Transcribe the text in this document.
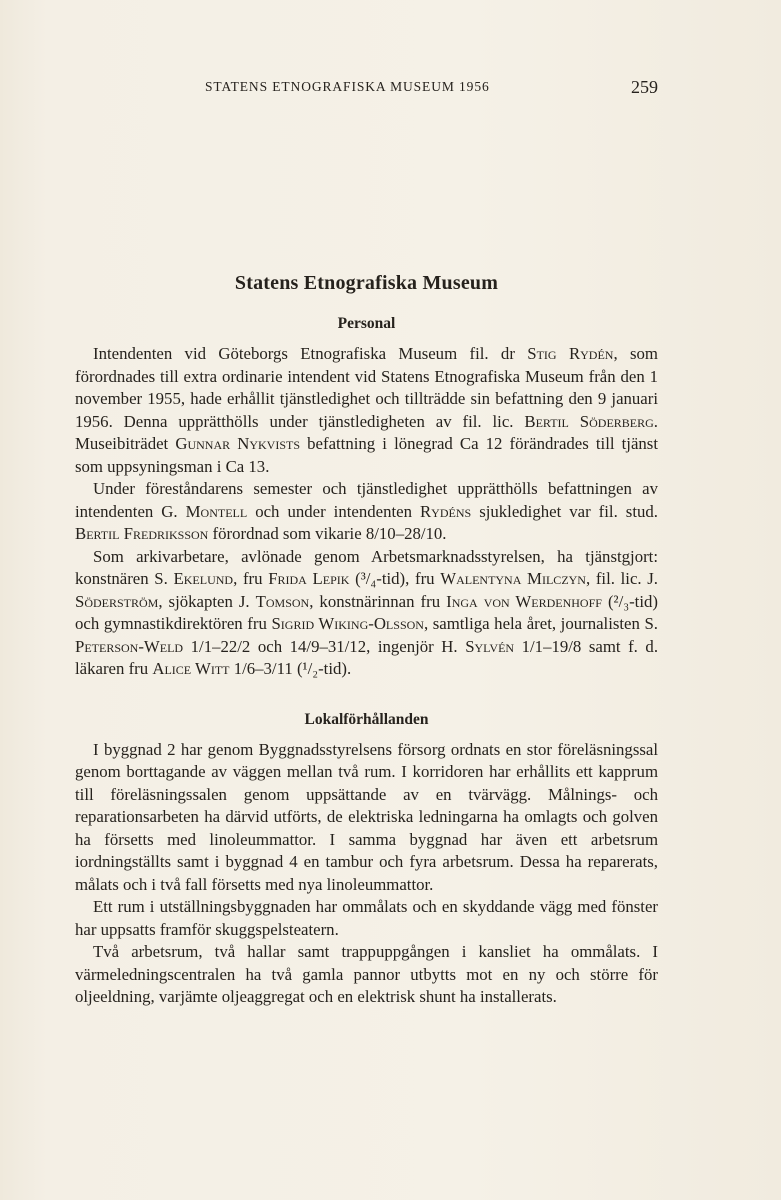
STATENS ETNOGRAFISKA MUSEUM 1956	259
Statens Etnografiska Museum
Personal

Intendenten vid Göteborgs Etnografiska Museum fil. dr Stig Rydén, som förordnades till extra ordinarie intendent vid Statens Etnografiska Museum från den 1 november 1955, hade erhållit tjänstledighet och tillträdde sin befattning den 9 januari 1956. Denna upprätthölls under tjänstledigheten av fil. lic. Bertil Söderberg. Museibiträdet Gunnar Nykvists befattning i lönegrad Ca 12 förändrades till tjänst som uppsyningsman i Ca 13.

Under föreståndarens semester och tjänstledighet upprätthölls befattningen av intendenten G. Montell och under intendenten Rydéns sjukledighet var fil. stud. Bertil Fredriksson förordnad som vikarie 8/10–28/10.

Som arkivarbetare, avlönade genom Arbetsmarknadsstyrelsen, ha tjänstgjort: konstnären S. Ekelund, fru Frida Lepik (³/₄-tid), fru Walentyna Milczyn, fil. lic. J. Söderström, sjökapten J. Tomson, konstnärinnan fru Inga von Werdenhoff (²/₃-tid) och gymnastikdirektören fru Sigrid Wiking-Olsson, samtliga hela året, journalisten S. Peterson-Weld 1/1–22/2 och 14/9–31/12, ingenjör H. Sylvén 1/1–19/8 samt f. d. läkaren fru Alice Witt 1/6–3/11 (¹/₂-tid).

Lokalförhållanden

I byggnad 2 har genom Byggnadsstyrelsens försorg ordnats en stor föreläsningssal genom borttagande av väggen mellan två rum. I korridoren har erhållits ett kapprum till föreläsningssalen genom uppsättande av en tvärvägg. Målnings- och reparationsarbeten ha därvid utförts, de elektriska ledningarna ha omlagts och golven ha försetts med linoleummattor. I samma byggnad har även ett arbetsrum iordningställts samt i byggnad 4 en tambur och fyra arbetsrum. Dessa ha reparerats, målats och i två fall försetts med nya linoleummattor.

Ett rum i utställningsbyggnaden har ommålats och en skyddande vägg med fönster har uppsatts framför skuggspelsteatern.

Två arbetsrum, två hallar samt trappuppgången i kansliet ha ommålats. I värmeledningscentralen ha två gamla pannor utbytts mot en ny och större för oljeeldning, varjämte oljeaggregat och en elektrisk shunt ha installerats.
